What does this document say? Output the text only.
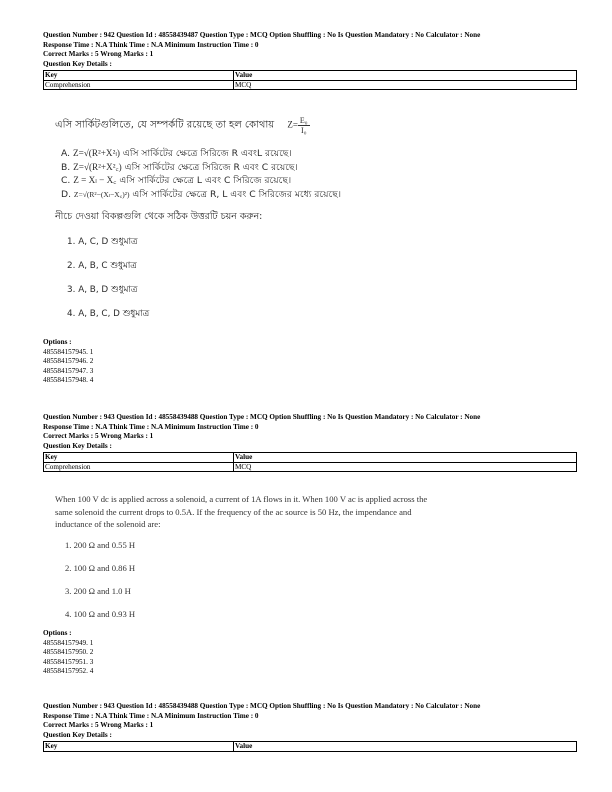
Question Number : 942 Question Id : 48558439487 Question Type : MCQ Option Shuffling : No Is Question Mandatory : No Calculator : None
Response Time : N.A Think Time : N.A Minimum Instruction Time : 0
Correct Marks : 5 Wrong Marks : 1
Question Key Details :
Key	Value
Comprehension	MCQ
এসি সার্কিটগুলিতে, যে সম্পর্কটি রয়েছে তা হল কোথায় $Z= \frac{\text{E₀}}{\text{I₀}}$
A. Z=√(R²+X²ₗ) এসি সার্কিটের ক্ষেত্রে সিরিজে R এবংL রয়েছে।
B. Z=√(R²+X²꜀) এসি সার্কিটের ক্ষেত্রে সিরিজে R এবং C রয়েছে।
C. Z = Xₗ − X꜀ এসি সার্কিটের ক্ষেত্রে L এবং C সিরিজে রয়েছে।
D. Z=√(R²−(Xₗ−X꜀)²) এসি সার্কিটের ক্ষেত্রে R, L এবং C সিরিজের মধ্যে রয়েছে।
নীচে দেওয়া বিকল্পগুলি থেকে সঠিক উত্তরটি চয়ন করুন:
1. A, C, D শুধুমাত্র
2. A, B, C শুধুমাত্র
3. A, B, D শুধুমাত্র
4. A, B, C, D শুধুমাত্র
Options :
485584157945. 1
485584157946. 2
485584157947. 3
485584157948. 4
Question Number : 943 Question Id : 48558439488 Question Type : MCQ Option Shuffling : No Is Question Mandatory : No Calculator : None
Response Time : N.A Think Time : N.A Minimum Instruction Time : 0
Correct Marks : 5 Wrong Marks : 1
Question Key Details :
Key	Value
Comprehension	MCQ
When 100 V dc is applied across a solenoid, a current of 1A flows in it. When 100 V ac is applied across the
same solenoid the current drops to 0.5A. If the frequency of the ac source is 50 Hz, the impendance and
inductance of the solenoid are:
1. 200 Ω and 0.55 H
2. 100 Ω and 0.86 H
3. 200 Ω and 1.0 H
4. 100 Ω and 0.93 H
Options :
485584157949. 1
485584157950. 2
485584157951. 3
485584157952. 4
Question Number : 943 Question Id : 48558439488 Question Type : MCQ Option Shuffling : No Is Question Mandatory : No Calculator : None
Response Time : N.A Think Time : N.A Minimum Instruction Time : 0
Correct Marks : 5 Wrong Marks : 1
Question Key Details :
Key	Value
